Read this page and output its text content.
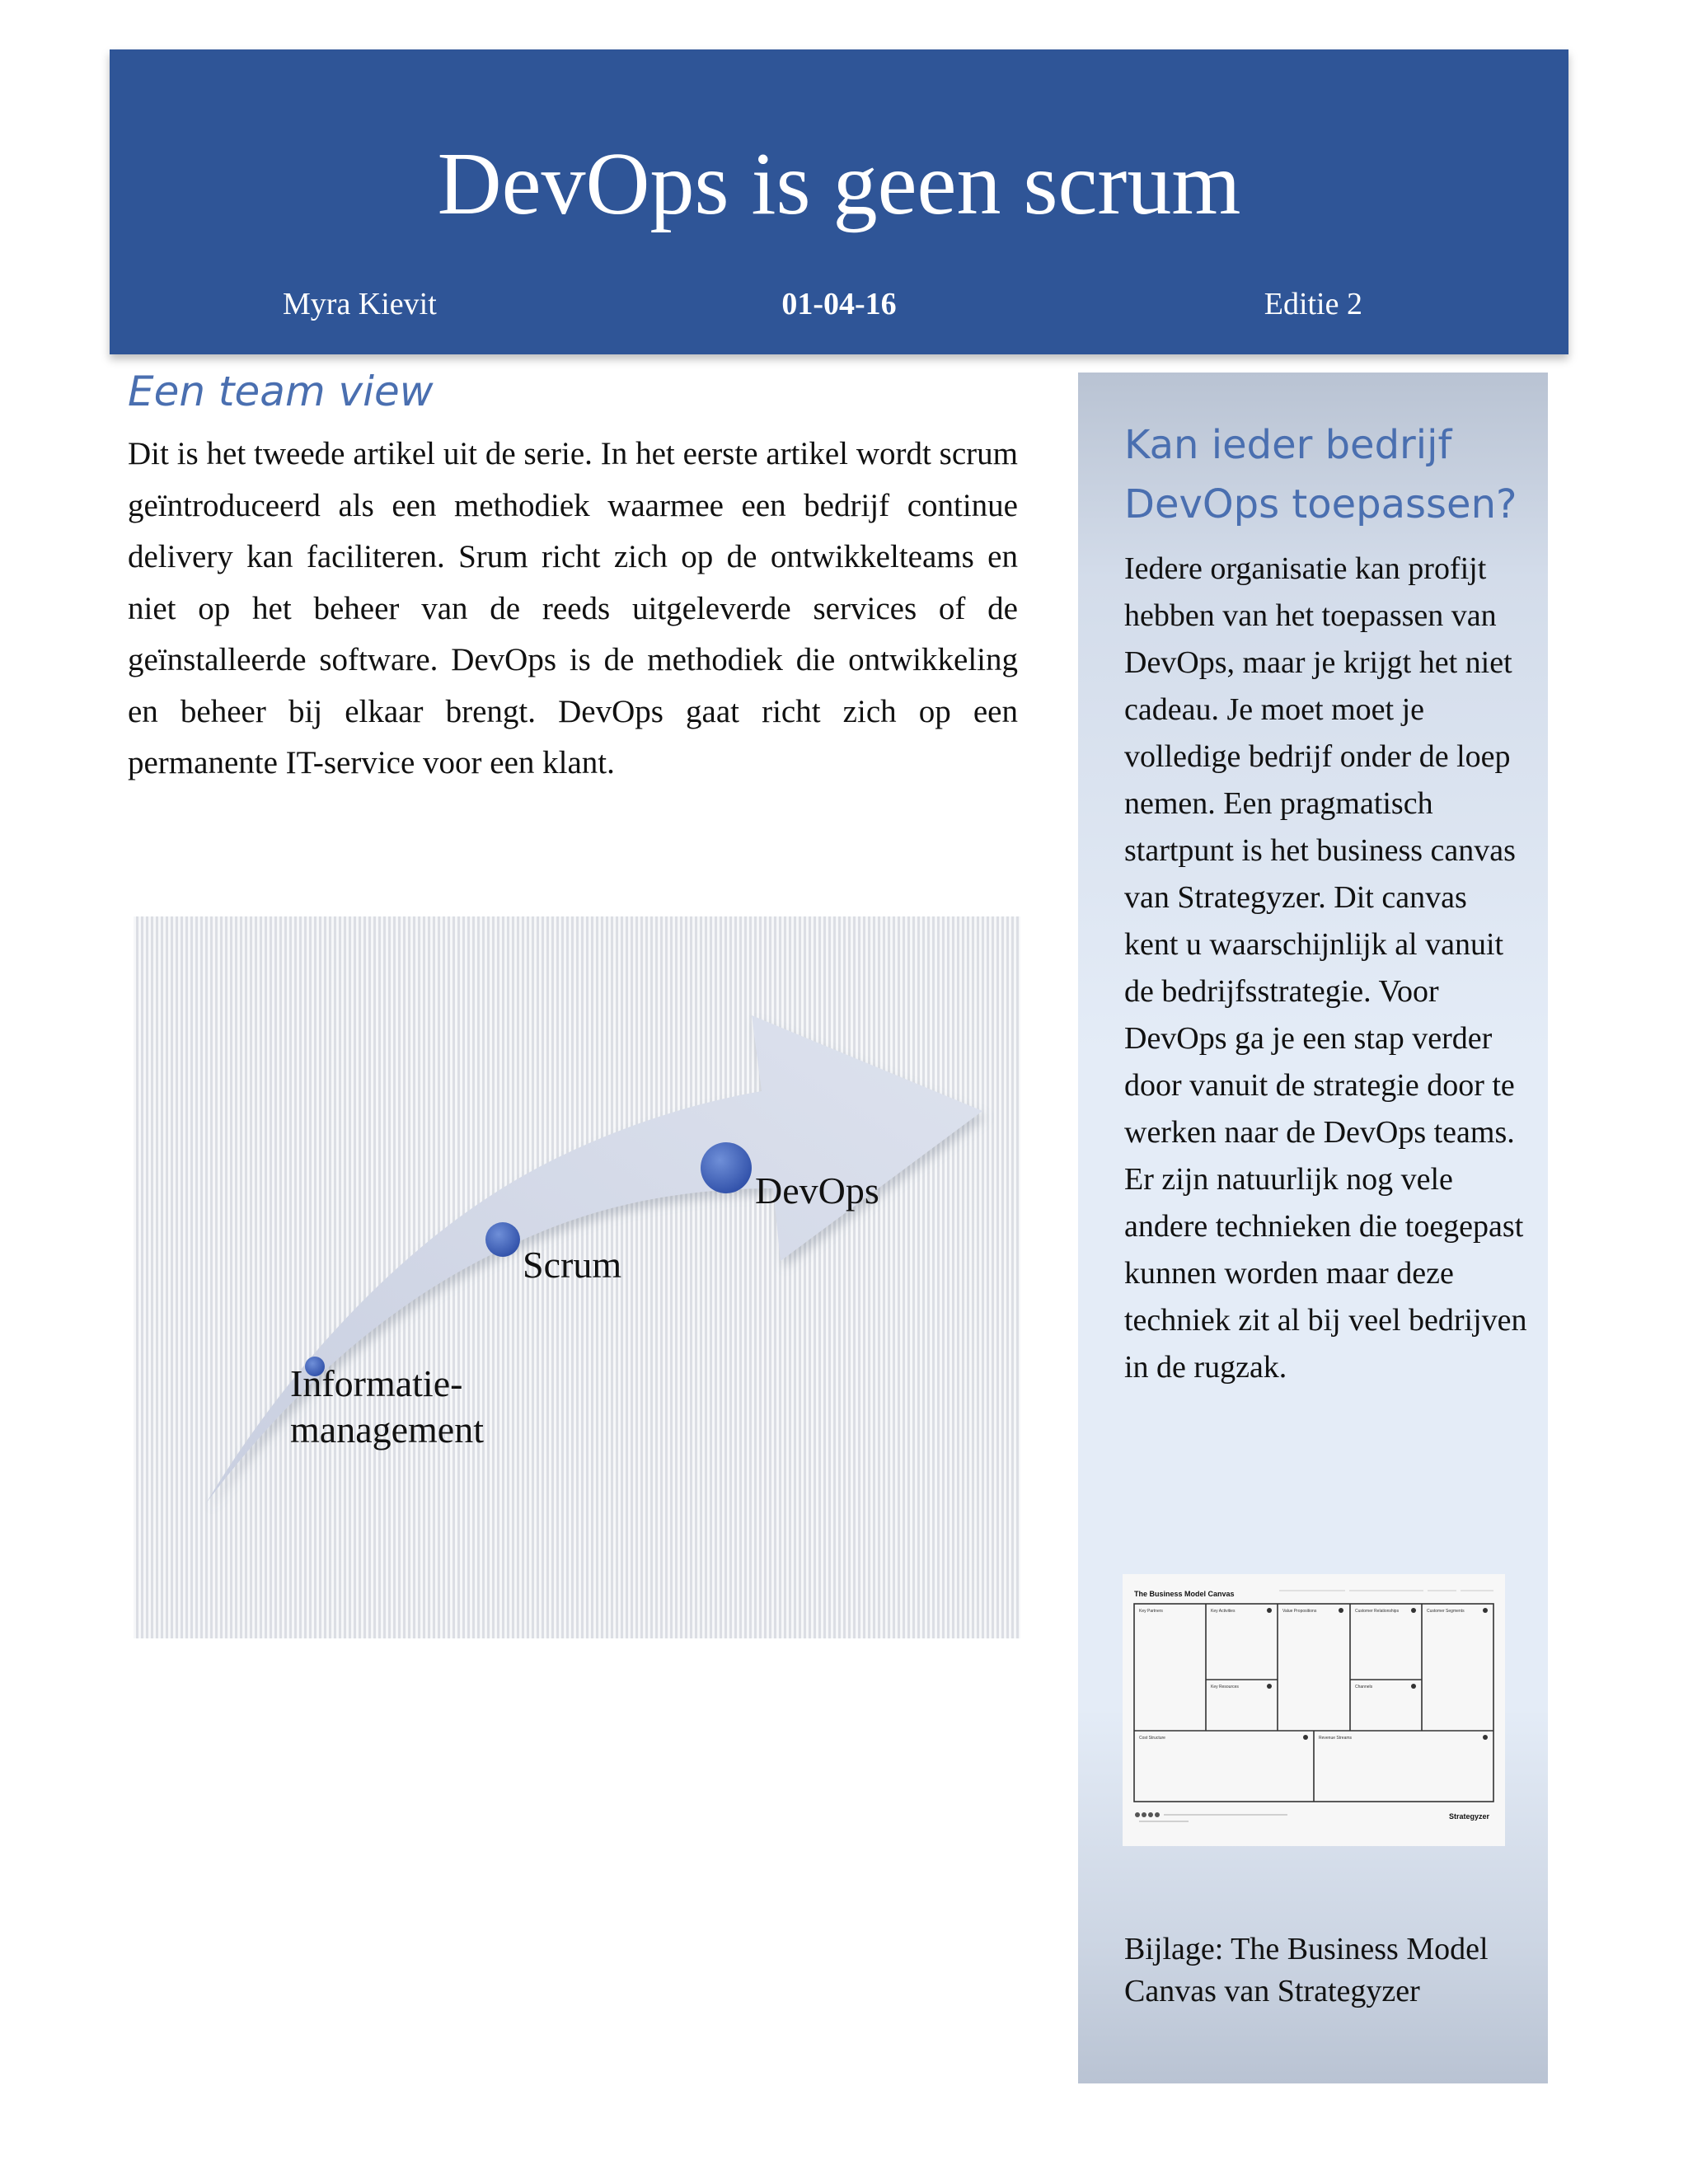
DevOps is geen scrum
Myra Kievit	01-04-16	Editie 2
Een team view

Dit is het tweede artikel uit de serie. In het eerste artikel wordt scrum geïntroduceerd als een methodiek waarmee een bedrijf continue delivery kan faciliteren. Srum richt zich op de ontwikkelteams en niet op het beheer van de reeds uitgeleverde services of de geïnstalleerde software. DevOps is de methodiek die ontwikkeling en beheer bij elkaar brengt. DevOps gaat richt zich op een permanente IT-service voor een klant.

Informatie-
management
Scrum
DevOps
Kan ieder bedrijf DevOps toepassen?

Iedere organisatie kan profijt hebben van het toepassen van DevOps, maar je krijgt het niet cadeau. Je moet moet je volledige bedrijf onder de loep nemen. Een pragmatisch startpunt is het business canvas van Strategyzer. Dit canvas kent u waarschijnlijk al vanuit de bedrijfsstrategie. Voor DevOps ga je een stap verder door vanuit de strategie door te werken naar de DevOps teams. Er zijn natuurlijk nog vele andere technieken die toegepast kunnen worden maar deze techniek zit al bij veel bedrijven in de rugzak.

The Business Model Canvas
Key Partners	Key Activities	Value Propositions	Customer Relationships	Customer Segments
Key Resources	Channels
Cost Structure	Revenue Streams
Strategyzer

Bijlage: The Business Model Canvas van Strategyzer
